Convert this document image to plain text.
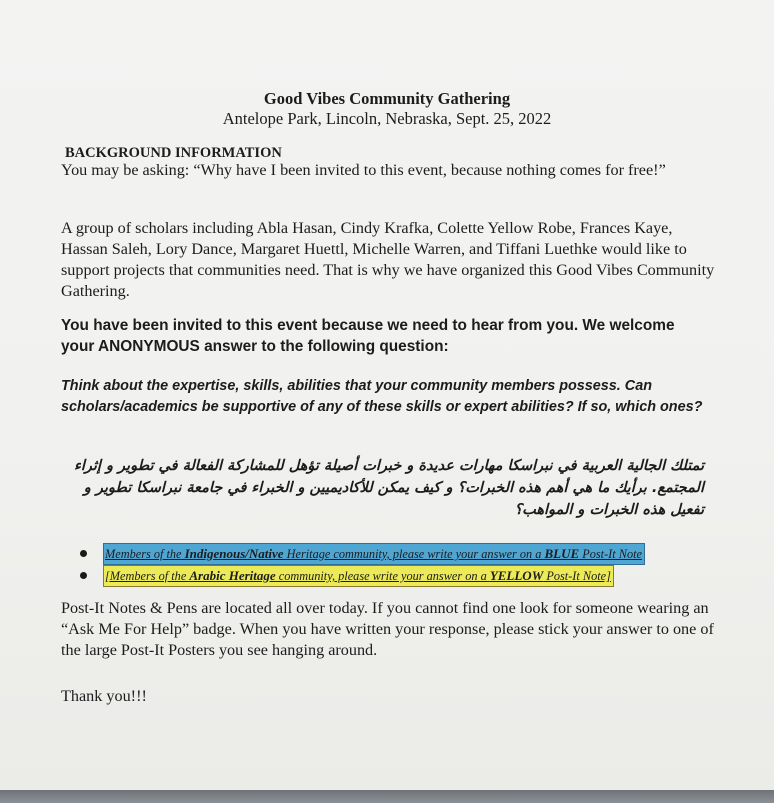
Good Vibes Community Gathering
Antelope Park, Lincoln, Nebraska, Sept. 25, 2022
BACKGROUND INFORMATION
You may be asking: “Why have I been invited to this event, because nothing comes for free!”
A group of scholars including Abla Hasan, Cindy Krafka, Colette Yellow Robe, Frances Kaye, Hassan Saleh, Lory Dance, Margaret Huettl, Michelle Warren, and Tiffani Luethke would like to support projects that communities need. That is why we have organized this Good Vibes Community Gathering.
You have been invited to this event because we need to hear from you. We welcome your ANONYMOUS answer to the following question:
Think about the expertise, skills, abilities that your community members possess. Can scholars/academics be supportive of any of these skills or expert abilities? If so, which ones?
تمتلك الجالية العربية في نبراسكا مهارات عديدة و خبرات أصيلة تؤهل للمشاركة الفعالة في تطوير و إثراء المجتمع. برأيك ما هي أهم هذه الخبرات؟ و كيف يمكن للأكاديميين و الخبراء في جامعة نبراسكا تطوير و تفعيل هذه الخبرات و المواهب؟
Members of the Indigenous/Native Heritage community, please write your answer on a BLUE Post-It Note
[Members of the Arabic Heritage community, please write your answer on a YELLOW Post-It Note]
Post-It Notes & Pens are located all over today. If you cannot find one look for someone wearing an “Ask Me For Help” badge. When you have written your response, please stick your answer to one of the large Post-It Posters you see hanging around.
Thank you!!!
